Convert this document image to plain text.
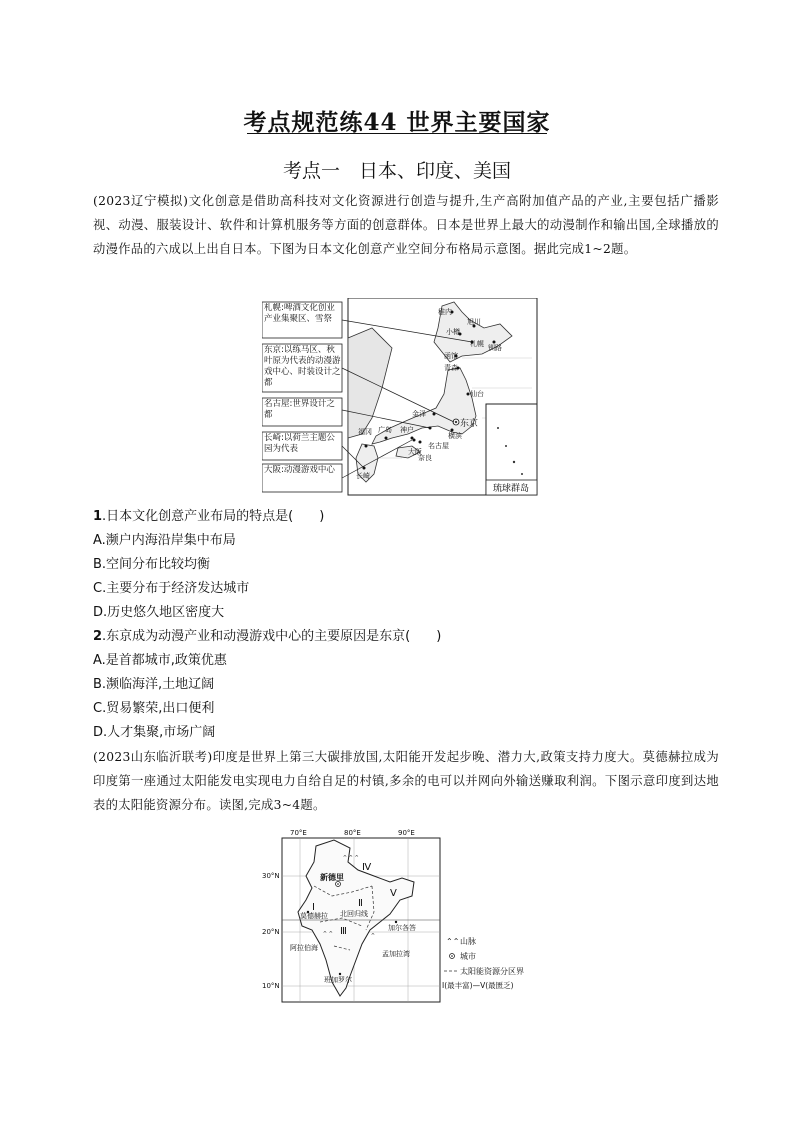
考点规范练44 世界主要国家
考点一　日本、印度、美国
(2023辽宁模拟)文化创意是借助高科技对文化资源进行创造与提升,生产高附加值产品的产业,主要包括广播影视、动漫、服装设计、软件和计算机服务等方面的创意群体。日本是世界上最大的动漫制作和输出国,全球播放的动漫作品的六成以上出自日本。下图为日本文化创意产业空间分布格局示意图。据此完成1~2题。
琉球群岛
札幌:啤酒文化创业产业集聚区、雪祭
东京:以练马区、秋叶原为代表的动漫游戏中心、时装设计之都
名古屋:世界设计之都
长崎:以荷兰主题公园为代表
大阪:动漫游戏中心
稚内
旭川
小樽
札幌 钏路
函馆
青森
仙台
金泽
东京
横滨
福冈 广岛 神户
名古屋
长崎
大阪
奈良
1.日本文化创意产业布局的特点是(　　)
A.濒户内海沿岸集中布局
B.空间分布比较均衡
C.主要分布于经济发达城市
D.历史悠久地区密度大
2.东京成为动漫产业和动漫游戏中心的主要原因是东京(　　)
A.是首都城市,政策优惠
B.濒临海洋,土地辽阔
C.贸易繁荣,出口便利
D.人才集聚,市场广阔
(2023山东临沂联考)印度是世界上第三大碳排放国,太阳能开发起步晚、潜力大,政策支持力度大。莫德赫拉成为印度第一座通过太阳能发电实现电力自给自足的村镇,多余的电可以并网向外输送赚取利润。下图示意印度到达地表的太阳能资源分布。读图,完成3~4题。
70°E	80°E	90°E
30°N
20°N
10°N
⌃⌃⌃
⌃⌃	⌃
Ⅰ	Ⅱ
Ⅲ
Ⅳ
Ⅴ
新德里
莫德赫拉 北回归线
加尔各答
阿拉伯海
孟加拉湾
班加罗尔
⌃⌃ 山脉
城市
太阳能资源分区界
Ⅰ(最丰富)—Ⅴ(最匮乏)
